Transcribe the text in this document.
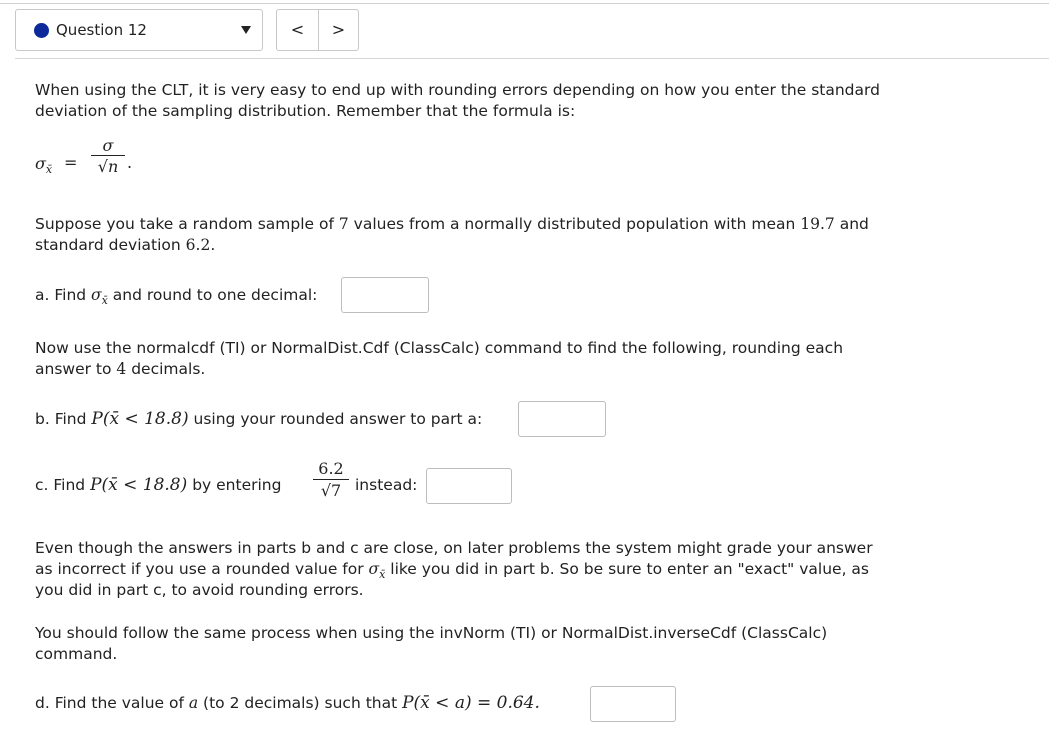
Question 12	<	>
When using the CLT, it is very easy to end up with rounding errors depending on how you enter the standard
deviation of the sampling distribution. Remember that the formula is:
$\sigma_{x̄}$ =
σ
√n .
Suppose you take a random sample of 7 values from a normally distributed population with mean 19.7 and
standard deviation 6.2.
a. Find $\sigma_{x̄}$ and round to one decimal:
Now use the normalcdf (TI) or NormalDist.Cdf (ClassCalc) command to find the following, rounding each
answer to 4 decimals.
b. Find P(x̄ < 18.8) using your rounded answer to part a:
c. Find P(x̄ < 18.8) by entering
6.2
√7 instead:
Even though the answers in parts b and c are close, on later problems the system might grade your answer
as incorrect if you use a rounded value for $\sigma_{x̄}$ like you did in part b. So be sure to enter an "exact" value, as
you did in part c, to avoid rounding errors.
You should follow the same process when using the invNorm (TI) or NormalDist.inverseCdf (ClassCalc)
command.
d. Find the value of a (to 2 decimals) such that P(x̄ < a) = 0.64.
